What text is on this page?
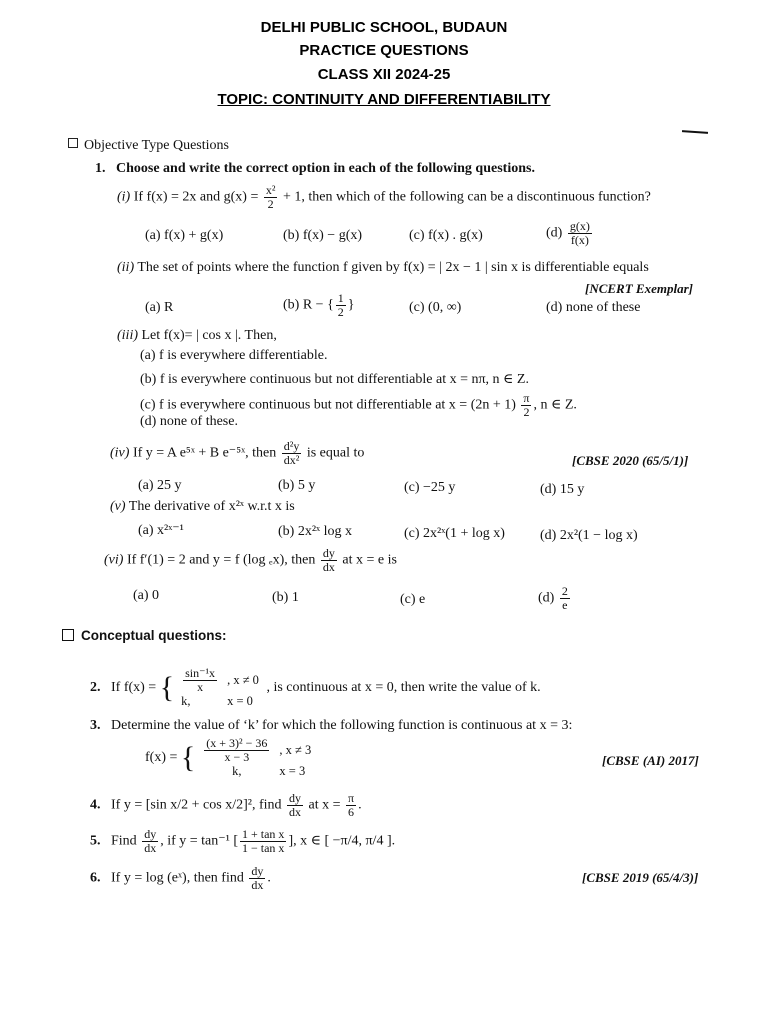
DELHI PUBLIC SCHOOL, BUDAUN
PRACTICE QUESTIONS
CLASS XII 2024-25
TOPIC: CONTINUITY AND DIFFERENTIABILITY
Objective Type Questions
1. Choose and write the correct option in each of the following questions.
(i) If f(x) = 2x and $g(x) = \frac{\text{x²}}{2} + 1$, then which of the following can be a discontinuous function?
(a) f(x) + g(x)	(b) f(x) − g(x)	(c) f(x) . g(x)	$(d) \frac{g(x)}{f(x)}$
(ii) The set of points where the function f given by f(x) = | 2x − 1 | sin x is differentiable equals
[NCERT Exemplar]
(a) R	(b) R − { $\frac{1}{2}$ }	(c) (0, ∞)	(d) none of these
(iii) Let f(x)= | cos x |. Then,
(a) f is everywhere differentiable.
(b) f is everywhere continuous but not differentiable at x = nπ, n ∈ Z.
(c) f is everywhere continuous but not differentiable at $x = (2n + 1) \frac{\pi}{2}$ , n ∈ Z.
(d) none of these.
(iv) If y = A e⁵ˣ + B e⁻⁵ˣ, then $\frac{\text{d²y}}{\text{dx²}}$ is equal to	[CBSE 2020 (65/5/1)]
(a) 25 y	(b) 5 y	(c) −25 y	(d) 15 y
(v) The derivative of x²ˣ w.r.t x is
(a) x²ˣ⁻¹	(b) 2x²ˣ log x	(c) 2x²ˣ(1 + log x)	(d) 2x²(1 − log x)
(vi) If f′(1) = 2 and y = f (log ₑx), then $\frac{dy}{dx}$ at x = e is
(a) 0	(b) 1	(c) e	$(d) \frac{2}{e}$
Conceptual questions:
2. If f(x) = { $\frac{\text{sin⁻¹x}}{x}$	, x ≠ 0
k,	x = 0 , is continuous at x = 0, then write the value of k.
3. Determine the value of ‘k’ for which the following function is continuous at x = 3:
f(x) = { $\frac{\text{(x + 3)² − 36}}{x - 3}$	, x ≠ 3
k,	x = 3
[CBSE (AI) 2017]
4. If y = [sin x/2 + cos x/2]², find $\frac{dy}{dx}$ at $x = \frac{\pi}{6}$ .
5. Find $\frac{dy}{dx}$ , if y = tan⁻¹ [ $\frac{\text{1 + tan x}}{\text{1 − tan x}}$ ], x ∈ [ −π/4, π/4 ].
6. If y = log (eˣ), then find $\frac{dy}{dx}$ .	[CBSE 2019 (65/4/3)]
